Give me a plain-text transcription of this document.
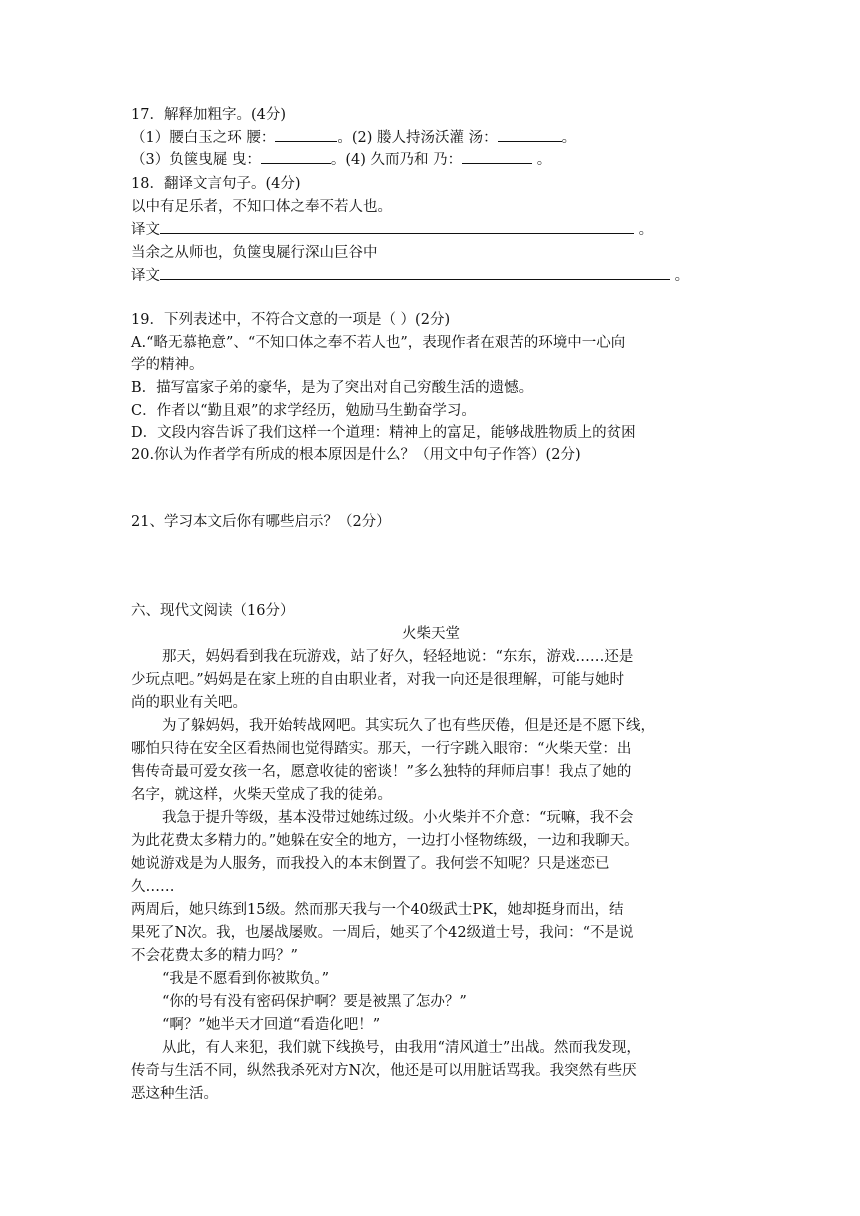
17．解释加粗字。(4分)
（1）腰白玉之环 腰：	。(2) 媵人持汤沃灌 汤：	。
（3）负箧曳屣 曳：	。(4) 久而乃和 乃：	。
18．翻译文言句子。(4分)
以中有足乐者，不知口体之奉不若人也。
译文	。
当余之从师也，负箧曳屣行深山巨谷中
译文	。
19．下列表述中，不符合文意的一项是（ ）(2分)
A.“略无慕艳意”、“不知口体之奉不若人也”，表现作者在艰苦的环境中一心向
学的精神。
B．描写富家子弟的豪华，是为了突出对自己穷酸生活的遗憾。
C．作者以“勤且艰”的求学经历，勉励马生勤奋学习。
D．文段内容告诉了我们这样一个道理：精神上的富足，能够战胜物质上的贫困
20.你认为作者学有所成的根本原因是什么？（用文中句子作答）(2分)
21、学习本文后你有哪些启示？（2分）
六、现代文阅读（16分）
火柴天堂
那天，妈妈看到我在玩游戏，站了好久，轻轻地说：“东东，游戏……还是
少玩点吧。”妈妈是在家上班的自由职业者，对我一向还是很理解，可能与她时
尚的职业有关吧。
为了躲妈妈，我开始转战网吧。其实玩久了也有些厌倦，但是还是不愿下线，
哪怕只待在安全区看热闹也觉得踏实。那天，一行字跳入眼帘：“火柴天堂：出
售传奇最可爱女孩一名，愿意收徒的密谈！”多么独特的拜师启事！我点了她的
名字，就这样，火柴天堂成了我的徒弟。
我急于提升等级，基本没带过她练过级。小火柴并不介意：“玩嘛，我不会
为此花费太多精力的。”她躲在安全的地方，一边打小怪物练级，一边和我聊天。
她说游戏是为人服务，而我投入的本末倒置了。我何尝不知呢？只是迷恋已
久……
两周后，她只练到15级。然而那天我与一个40级武士PK，她却挺身而出，结
果死了N次。我，也屡战屡败。一周后，她买了个42级道士号，我问：“不是说
不会花费太多的精力吗？”
“我是不愿看到你被欺负。”
“你的号有没有密码保护啊？要是被黑了怎办？”
“啊？”她半天才回道“看造化吧！”
从此，有人来犯，我们就下线换号，由我用“清风道士”出战。然而我发现，
传奇与生活不同，纵然我杀死对方N次，他还是可以用脏话骂我。我突然有些厌
恶这种生活。
